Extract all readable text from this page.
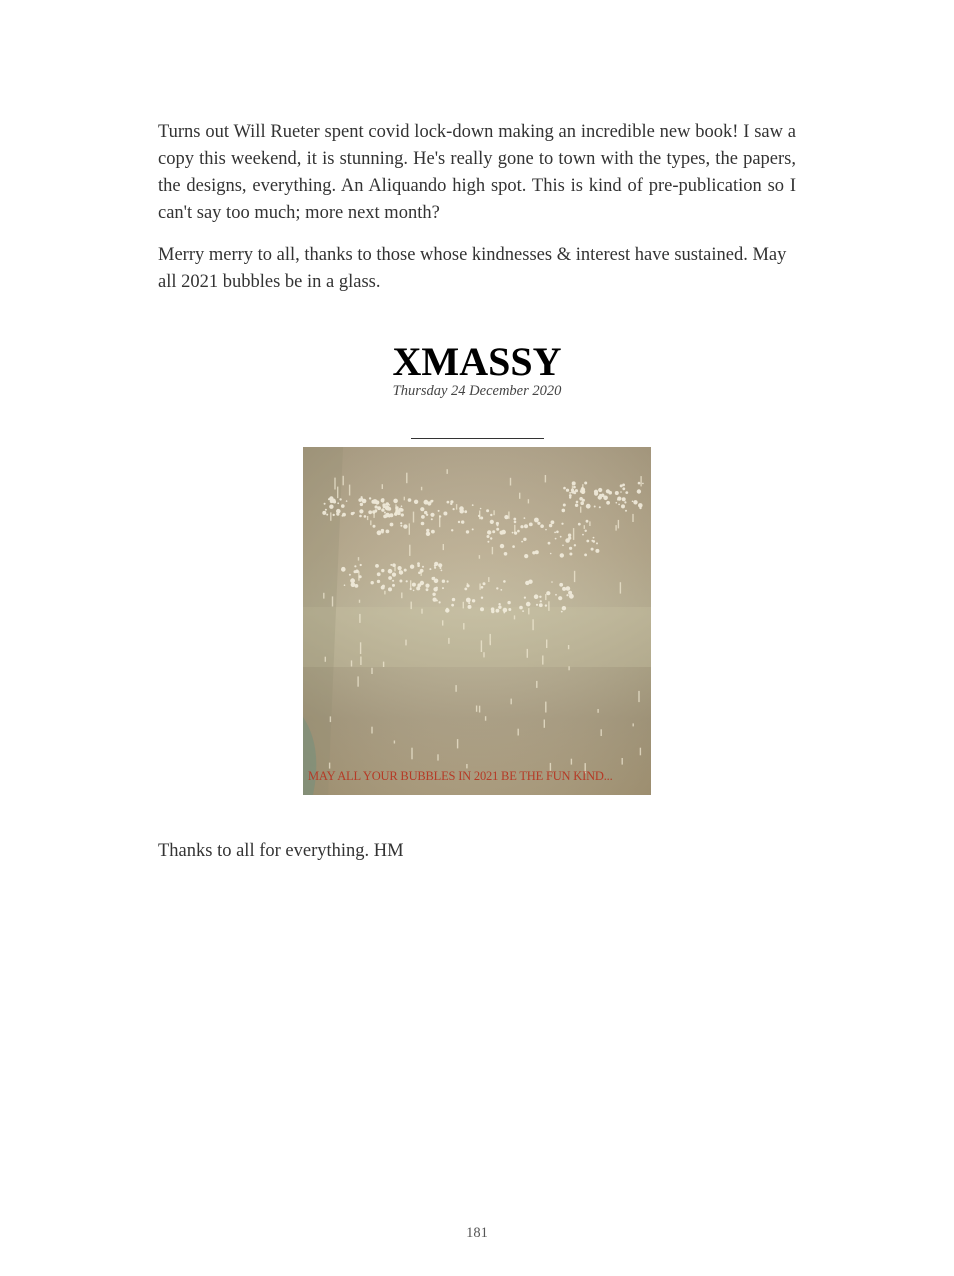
Turns out Will Rueter spent covid lock-down making an incredible new book! I saw a copy this weekend, it is stunning. He's really gone to town with the types, the papers, the designs, everything. An Aliquando high spot. This is kind of pre-publication so I can't say too much; more next month?

Merry merry to all, thanks to those whose kindnesses & interest have sustained. May all 2021 bubbles be in a glass.

XMASSY
Thursday 24 December 2020
MAY ALL YOUR BUBBLES IN 2021 BE THE FUN KIND...

Thanks to all for everything. HM

181
